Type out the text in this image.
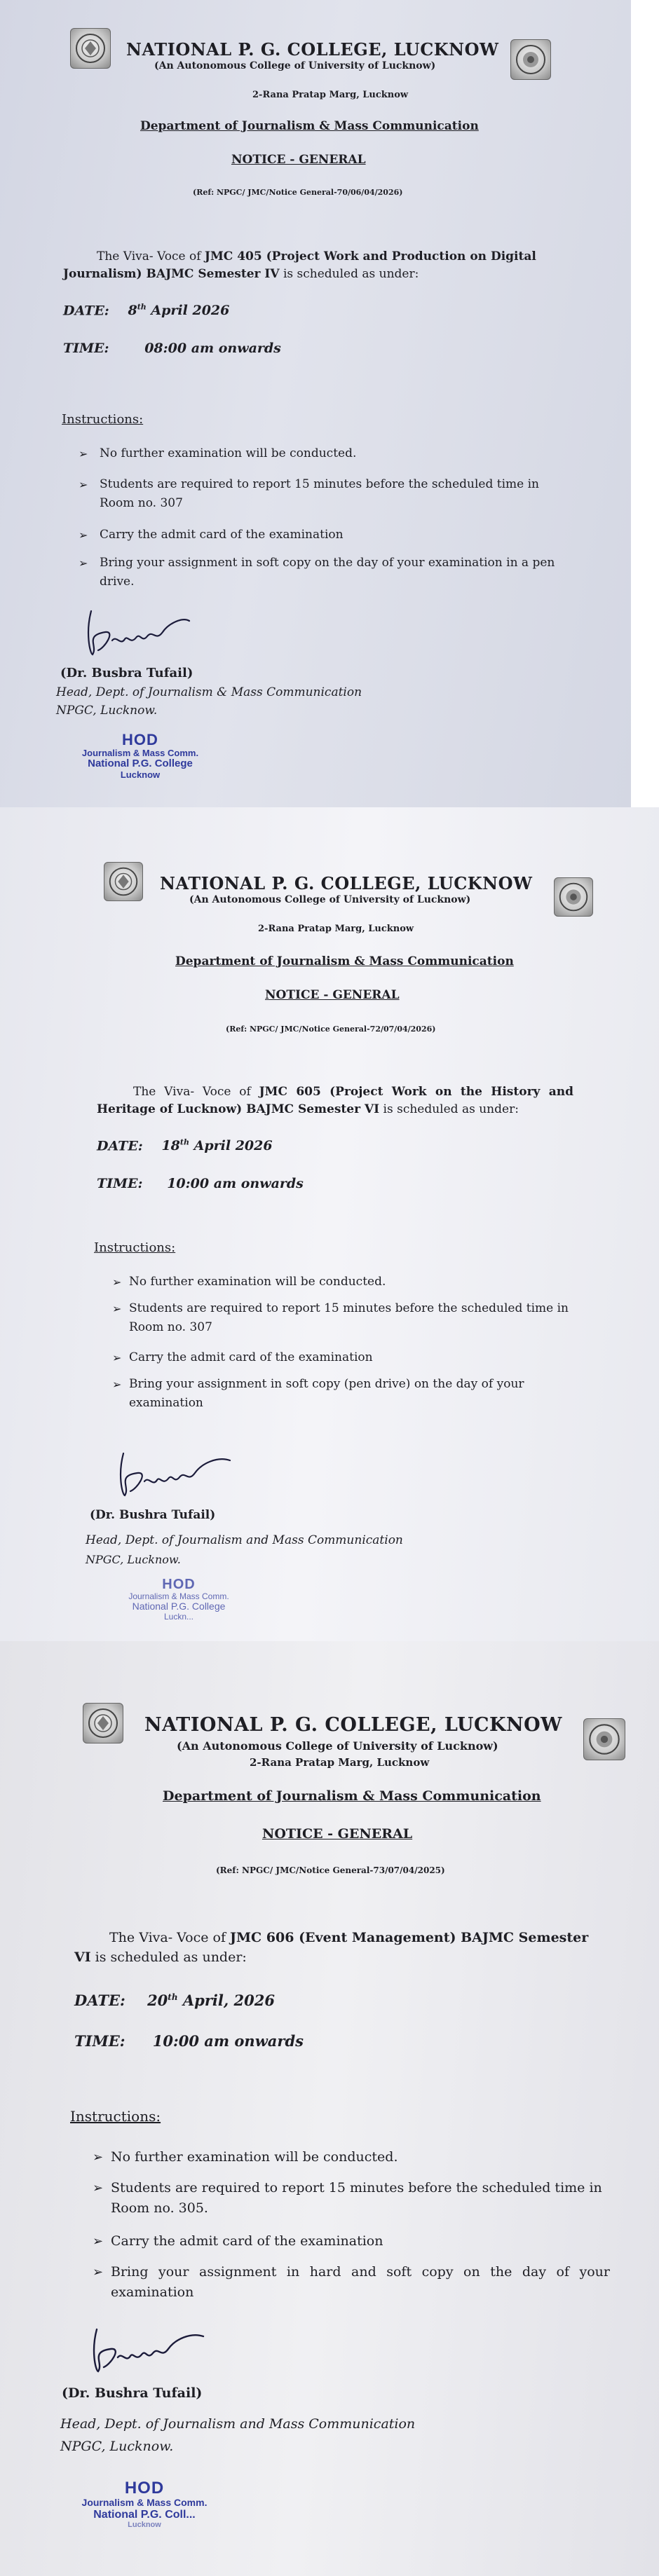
NATIONAL P. G. COLLEGE, LUCKNOW
(An Autonomous College of University of Lucknow)
2-Rana Pratap Marg, Lucknow
Department of Journalism & Mass Communication
NOTICE - GENERAL
(Ref: NPGC/ JMC/Notice General-70/06/04/2026)
The Viva- Voce of JMC 405 (Project Work and Production on Digital Journalism) BAJMC Semester IV is scheduled as under:
DATE: 8th April 2026
TIME:	08:00 am onwards
Instructions:
➢ No further examination will be conducted.
➢ Students are required to report 15 minutes before the scheduled time in Room no. 307
➢ Carry the admit card of the examination
➢ Bring your assignment in soft copy on the day of your examination in a pen drive.
(Dr. Busbra Tufail)
Head, Dept. of Journalism & Mass Communication
NPGC, Lucknow.
HOD
Journalism & Mass Comm.
National P.G. College
Lucknow
NATIONAL P. G. COLLEGE, LUCKNOW
(An Autonomous College of University of Lucknow)
2-Rana Pratap Marg, Lucknow
Department of Journalism & Mass Communication
NOTICE - GENERAL
(Ref: NPGC/ JMC/Notice General-72/07/04/2026)
The Viva- Voce of JMC 605 (Project Work on the History and Heritage of Lucknow) BAJMC Semester VI is scheduled as under:
DATE: 18th April 2026
TIME: 10:00 am onwards
Instructions:
➢ No further examination will be conducted.
➢ Students are required to report 15 minutes before the scheduled time in Room no. 307
➢ Carry the admit card of the examination
➢ Bring your assignment in soft copy (pen drive) on the day of your examination
(Dr. Bushra Tufail)
Head, Dept. of Journalism and Mass Communication
NPGC, Lucknow.
HOD
Journalism & Mass Comm.
National P.G. College
Luckn...
NATIONAL P. G. COLLEGE, LUCKNOW
(An Autonomous College of University of Lucknow)
2-Rana Pratap Marg, Lucknow
Department of Journalism & Mass Communication
NOTICE - GENERAL
(Ref: NPGC/ JMC/Notice General-73/07/04/2025)
The Viva- Voce of JMC 606 (Event Management) BAJMC Semester VI is scheduled as under:
DATE: 20th April, 2026
TIME: 10:00 am onwards
Instructions:
➢ No further examination will be conducted.
➢ Students are required to report 15 minutes before the scheduled time in Room no. 305.
➢ Carry the admit card of the examination
➢ Bring your assignment in hard and soft copy on the day of your examination
(Dr. Bushra Tufail)
Head, Dept. of Journalism and Mass Communication
NPGC, Lucknow.
HOD
Journalism & Mass Comm.
National P.G. Coll...
Lucknow
